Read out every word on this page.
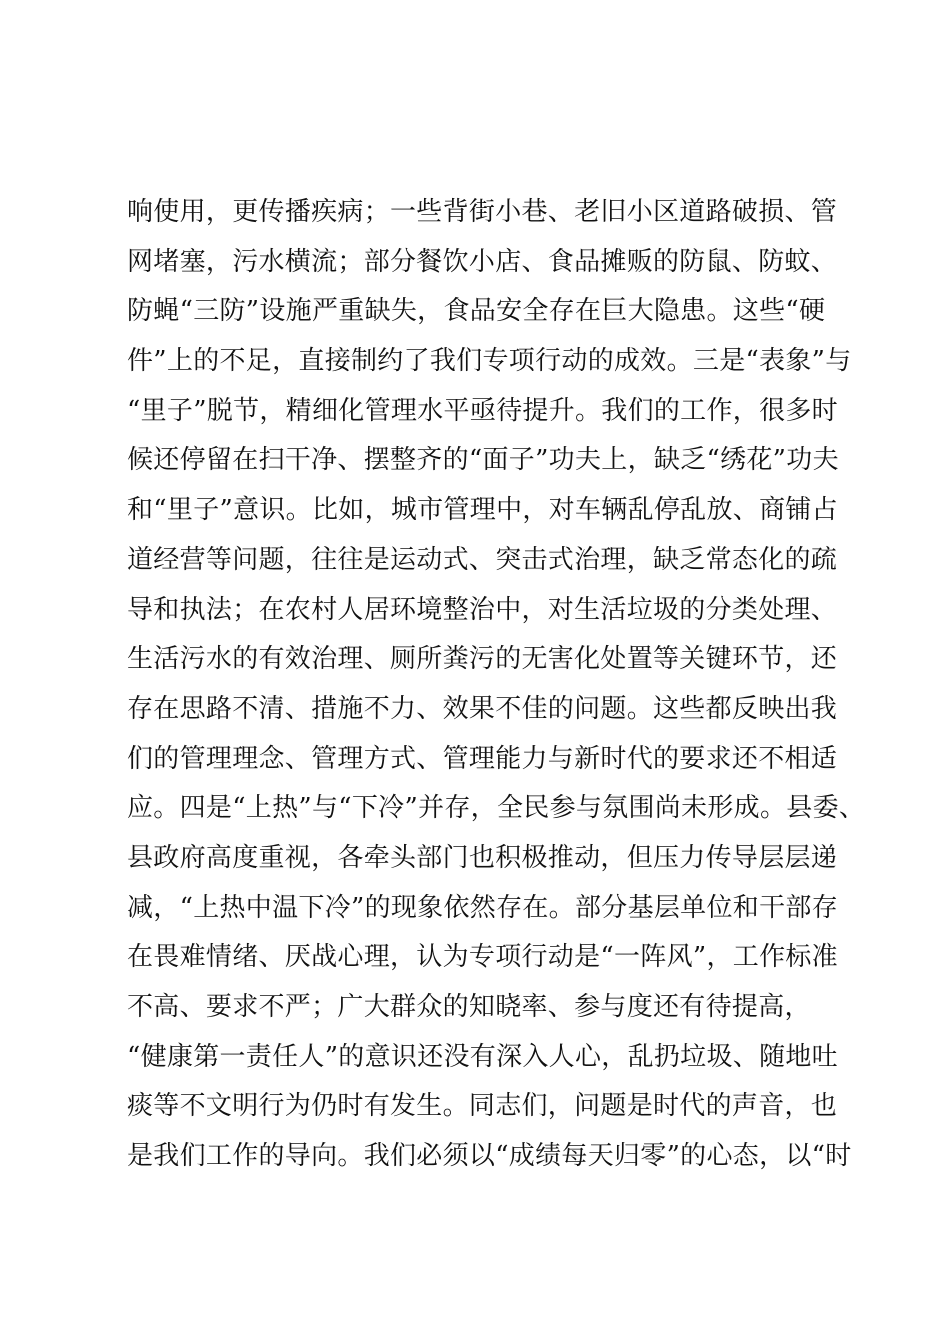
响使用，更传播疾病；一些背街小巷、老旧小区道路破损、管
网堵塞，污水横流；部分餐饮小店、食品摊贩的防鼠、防蚊、
防蝇“三防”设施严重缺失，食品安全存在巨大隐患。这些“硬
件”上的不足，直接制约了我们专项行动的成效。三是“表象”与
“里子”脱节，精细化管理水平亟待提升。我们的工作，很多时
候还停留在扫干净、摆整齐的“面子”功夫上，缺乏“绣花”功夫
和“里子”意识。比如，城市管理中，对车辆乱停乱放、商铺占
道经营等问题，往往是运动式、突击式治理，缺乏常态化的疏
导和执法；在农村人居环境整治中，对生活垃圾的分类处理、
生活污水的有效治理、厕所粪污的无害化处置等关键环节，还
存在思路不清、措施不力、效果不佳的问题。这些都反映出我
们的管理理念、管理方式、管理能力与新时代的要求还不相适
应。四是“上热”与“下冷”并存，全民参与氛围尚未形成。县委、
县政府高度重视，各牵头部门也积极推动，但压力传导层层递
减，“上热中温下冷”的现象依然存在。部分基层单位和干部存
在畏难情绪、厌战心理，认为专项行动是“一阵风”，工作标准
不高、要求不严；广大群众的知晓率、参与度还有待提高，
“健康第一责任人”的意识还没有深入人心，乱扔垃圾、随地吐
痰等不文明行为仍时有发生。同志们，问题是时代的声音，也
是我们工作的导向。我们必须以“成绩每天归零”的心态，以“时
